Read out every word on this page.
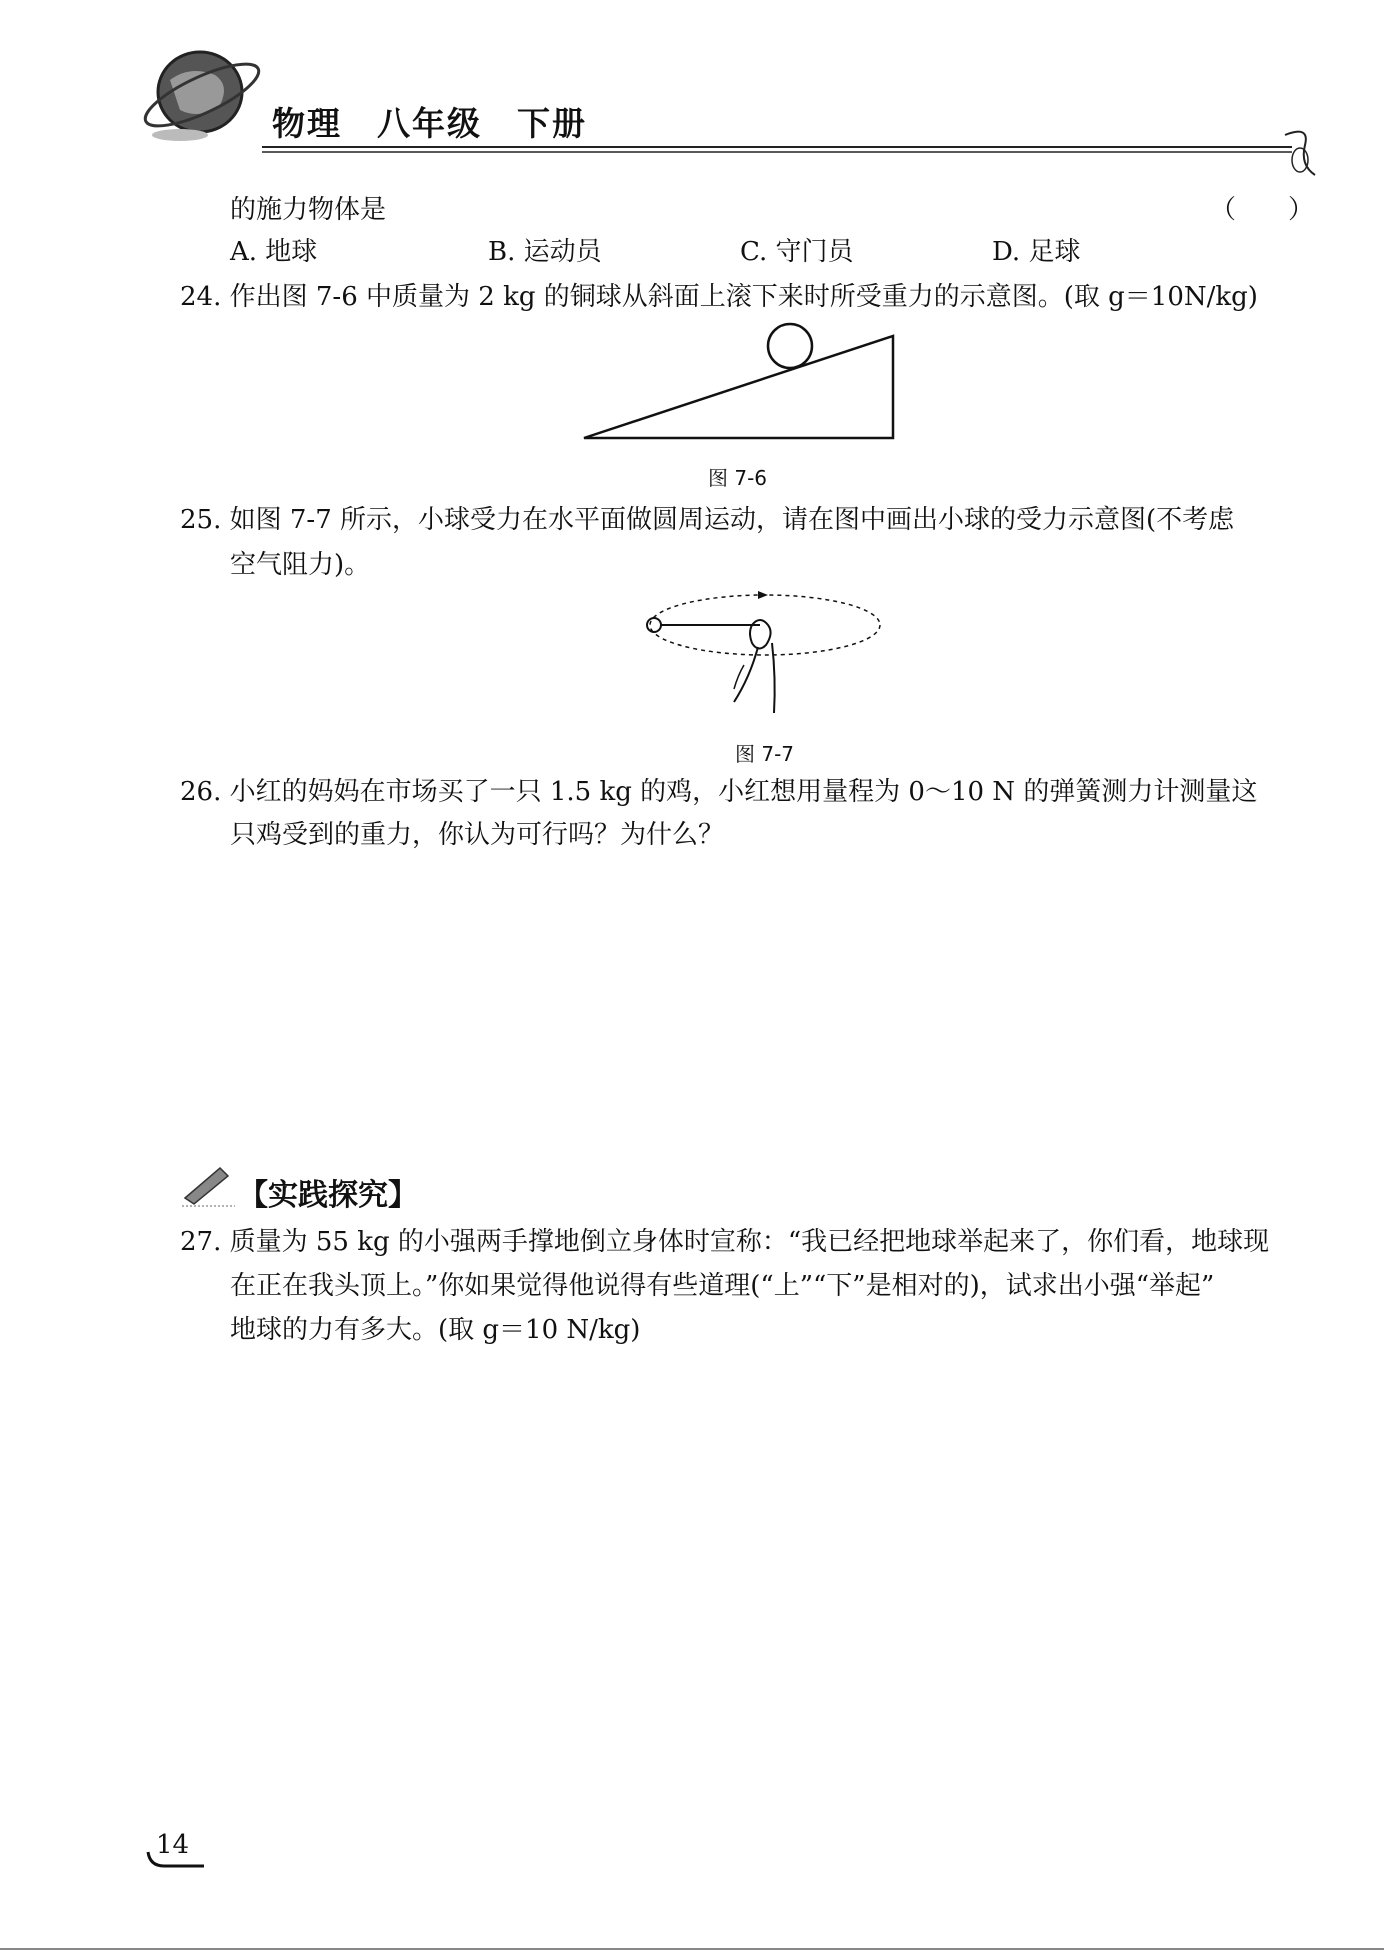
物理　八年级　下册
的施力物体是	（　　）
A. 地球	B. 运动员	C. 守门员	D. 足球
24. 作出图 7-6 中质量为 2 kg 的铜球从斜面上滚下来时所受重力的示意图。(取 g＝10N/kg)
图 7-6
25. 如图 7-7 所示，小球受力在水平面做圆周运动，请在图中画出小球的受力示意图(不考虑
空气阻力)。
图 7-7
26. 小红的妈妈在市场买了一只 1.5 kg 的鸡，小红想用量程为 0～10 N 的弹簧测力计测量这
只鸡受到的重力，你认为可行吗？为什么？
【实践探究】
27. 质量为 55 kg 的小强两手撑地倒立身体时宣称：“我已经把地球举起来了，你们看，地球现
在正在我头顶上。”你如果觉得他说得有些道理(“上”“下”是相对的)，试求出小强“举起”
地球的力有多大。(取 g＝10 N/kg)
14
